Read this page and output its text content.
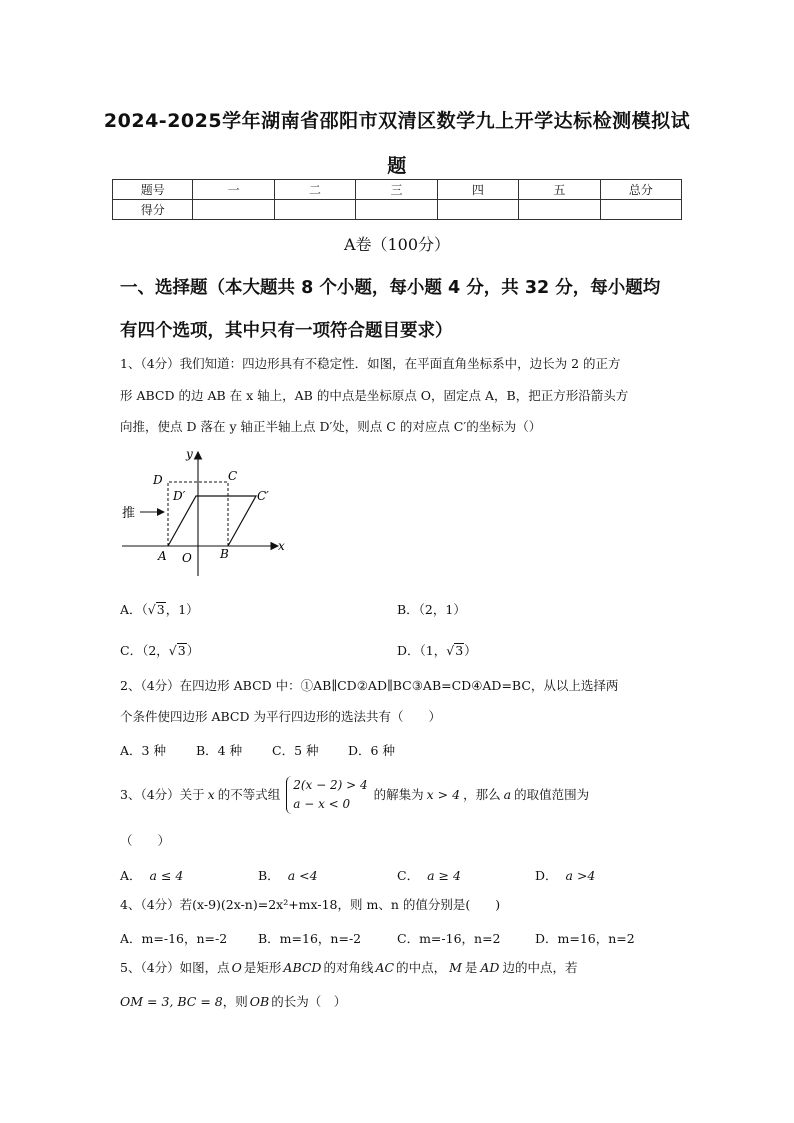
2024-2025学年湖南省邵阳市双清区数学九上开学达标检测模拟试
题
题号	一	二	三	四	五	总分
得分						
A卷（100分）
一、选择题（本大题共 8 个小题，每小题 4 分，共 32 分，每小题均
有四个选项，其中只有一项符合题目要求）
1、（4分）我们知道：四边形具有不稳定性．如图，在平面直角坐标系中，边长为 2 的正方
形 ABCD 的边 AB 在 x 轴上，AB 的中点是坐标原点 O，固定点 A，B，把正方形沿箭头方
向推，使点 D 落在 y 轴正半轴上点 D′处，则点 C 的对应点 C′的坐标为（）
y
x
D	C
D′	C′
A O B
推
A．（√3，1）	B．（2，1）
C．（2，√3）	D．（1，√3）
2、（4分）在四边形 ABCD 中：①AB∥CD②AD∥BC③AB=CD④AD=BC，从以上选择两
个条件使四边形 ABCD 为平行四边形的选法共有（　　）
A．3 种 B．4 种 C．5 种 D．6 种
3、（4分）关于 x 的不等式组
2(x − 2) > 4
a − x < 0
的解集为 x > 4 ，那么 a 的取值范围为
（　　）
A． a ≤ 4	B． a <4	C． a ≥ 4	D． a >4
4、（4分）若(x-9)(2x-n)=2x²+mx-18，则 m、n 的值分别是(　　)
A．m=-16，n=-2 B．m=16，n=-2	C．m=-16，n=2	D．m=16，n=2
5、（4分）如图，点 O 是矩形 ABCD 的对角线 AC 的中点， M 是 AD 边的中点，若
OM = 3, BC = 8，则 OB 的长为（　）
